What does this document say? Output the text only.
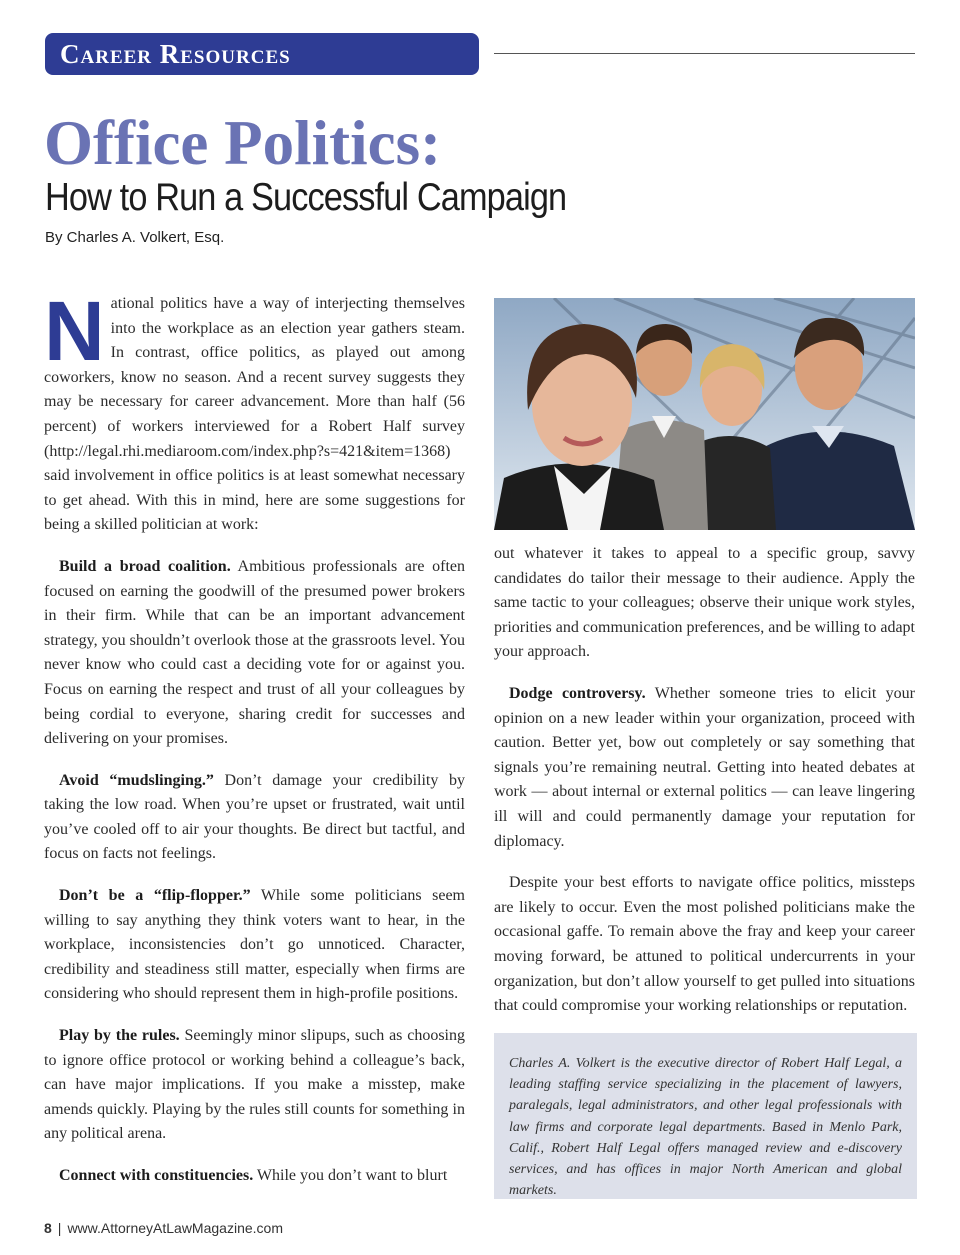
Career Resources
Office Politics:
How to Run a Successful Campaign
By Charles A. Volkert, Esq.

National politics have a way of interjecting themselves into the workplace as an election year gathers steam. In contrast, office politics, as played out among coworkers, know no season. And a recent survey suggests they may be necessary for career advancement. More than half (56 percent) of workers interviewed for a Robert Half survey (http://legal.rhi.mediaroom.com/index.php?s=421&item=1368) said involvement in office politics is at least somewhat necessary to get ahead. With this in mind, here are some suggestions for being a skilled politician at work:

Build a broad coalition. Ambitious professionals are often focused on earning the goodwill of the presumed power brokers in their firm. While that can be an important advancement strategy, you shouldn’t overlook those at the grassroots level. You never know who could cast a deciding vote for or against you. Focus on earning the respect and trust of all your colleagues by being cordial to everyone, sharing credit for successes and delivering on your promises.

Avoid “mudslinging.” Don’t damage your credibility by taking the low road. When you’re upset or frustrated, wait until you’ve cooled off to air your thoughts. Be direct but tactful, and focus on facts not feelings.

Don’t be a “flip-flopper.” While some politicians seem willing to say anything they think voters want to hear, in the workplace, inconsistencies don’t go unnoticed. Character, credibility and steadiness still matter, especially when firms are considering who should represent them in high-profile positions.

Play by the rules. Seemingly minor slipups, such as choosing to ignore office protocol or working behind a colleague’s back, can have major implications. If you make a misstep, make amends quickly. Playing by the rules still counts for something in any political arena.

Connect with constituencies. While you don’t want to blurt

out whatever it takes to appeal to a specific group, savvy candidates do tailor their message to their audience. Apply the same tactic to your colleagues; observe their unique work styles, priorities and communication preferences, and be willing to adapt your approach.

Dodge controversy. Whether someone tries to elicit your opinion on a new leader within your organization, proceed with caution. Better yet, bow out completely or say something that signals you’re remaining neutral. Getting into heated debates at work — about internal or external politics — can leave lingering ill will and could permanently damage your reputation for diplomacy.

Despite your best efforts to navigate office politics, missteps are likely to occur. Even the most polished politicians make the occasional gaffe. To remain above the fray and keep your career moving forward, be attuned to political undercurrents in your organization, but don’t allow yourself to get pulled into situations that could compromise your working relationships or reputation.

Charles A. Volkert is the executive director of Robert Half Legal, a leading staffing service specializing in the placement of lawyers, paralegals, legal administrators, and other legal professionals with law firms and corporate legal departments. Based in Menlo Park, Calif., Robert Half Legal offers managed review and e-discovery services, and has offices in major North American and global markets.
8 | www.AttorneyAtLawMagazine.com
